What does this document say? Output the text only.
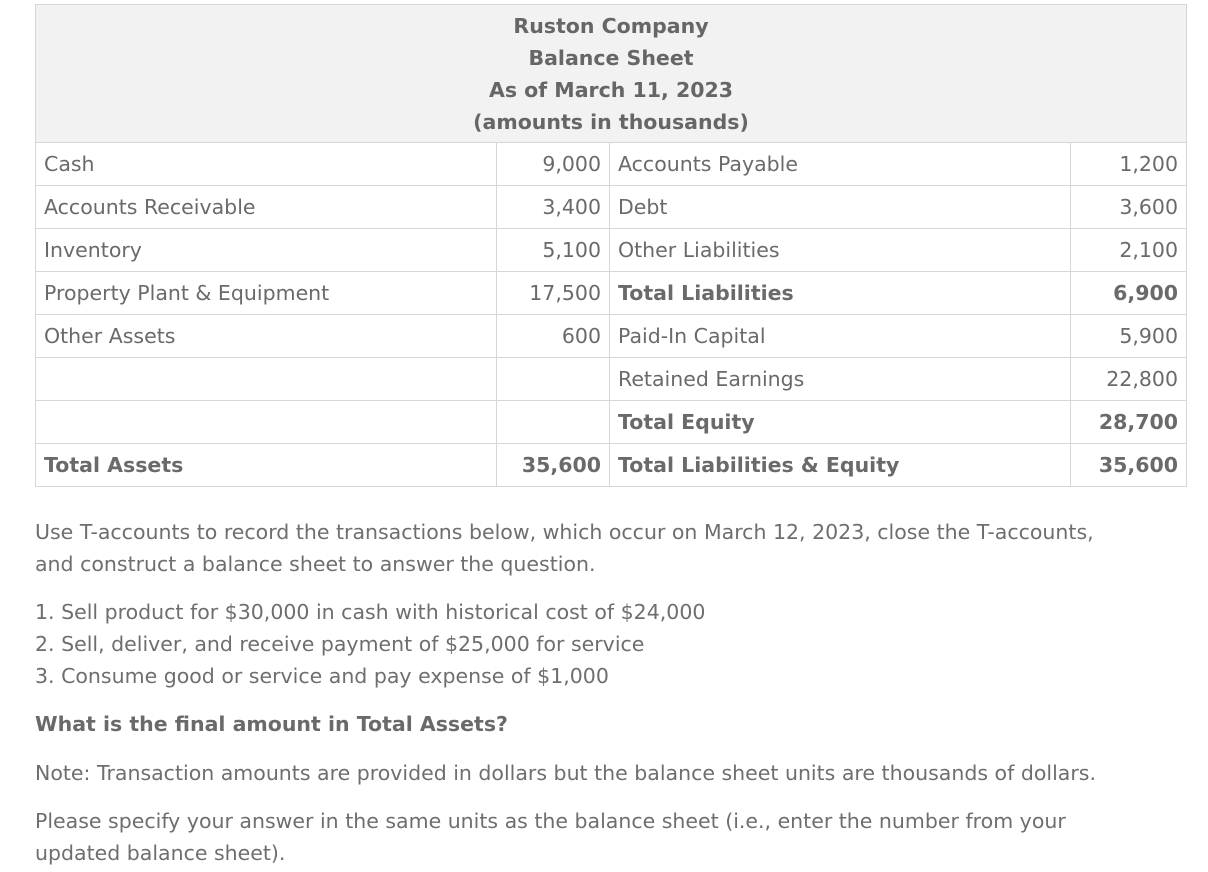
Ruston Company
Balance Sheet
As of March 11, 2023
(amounts in thousands)			

Cash	9,000	Accounts Payable	1,200
Accounts Receivable	3,400	Debt	3,600
Inventory	5,100	Other Liabilities	2,100
Property Plant & Equipment	17,500	Total Liabilities	6,900
Other Assets	600	Paid-In Capital	5,900
		Retained Earnings	22,800
		Total Equity	28,700
Total Assets	35,600	Total Liabilities & Equity	35,600

Use T-accounts to record the transactions below, which occur on March 12, 2023, close the T-accounts, and construct a balance sheet to answer the question.

1. Sell product for $30,000 in cash with historical cost of $24,000
2. Sell, deliver, and receive payment of $25,000 for service
3. Consume good or service and pay expense of $1,000

What is the final amount in Total Assets?

Note: Transaction amounts are provided in dollars but the balance sheet units are thousands of dollars.

Please specify your answer in the same units as the balance sheet (i.e., enter the number from your updated balance sheet).
